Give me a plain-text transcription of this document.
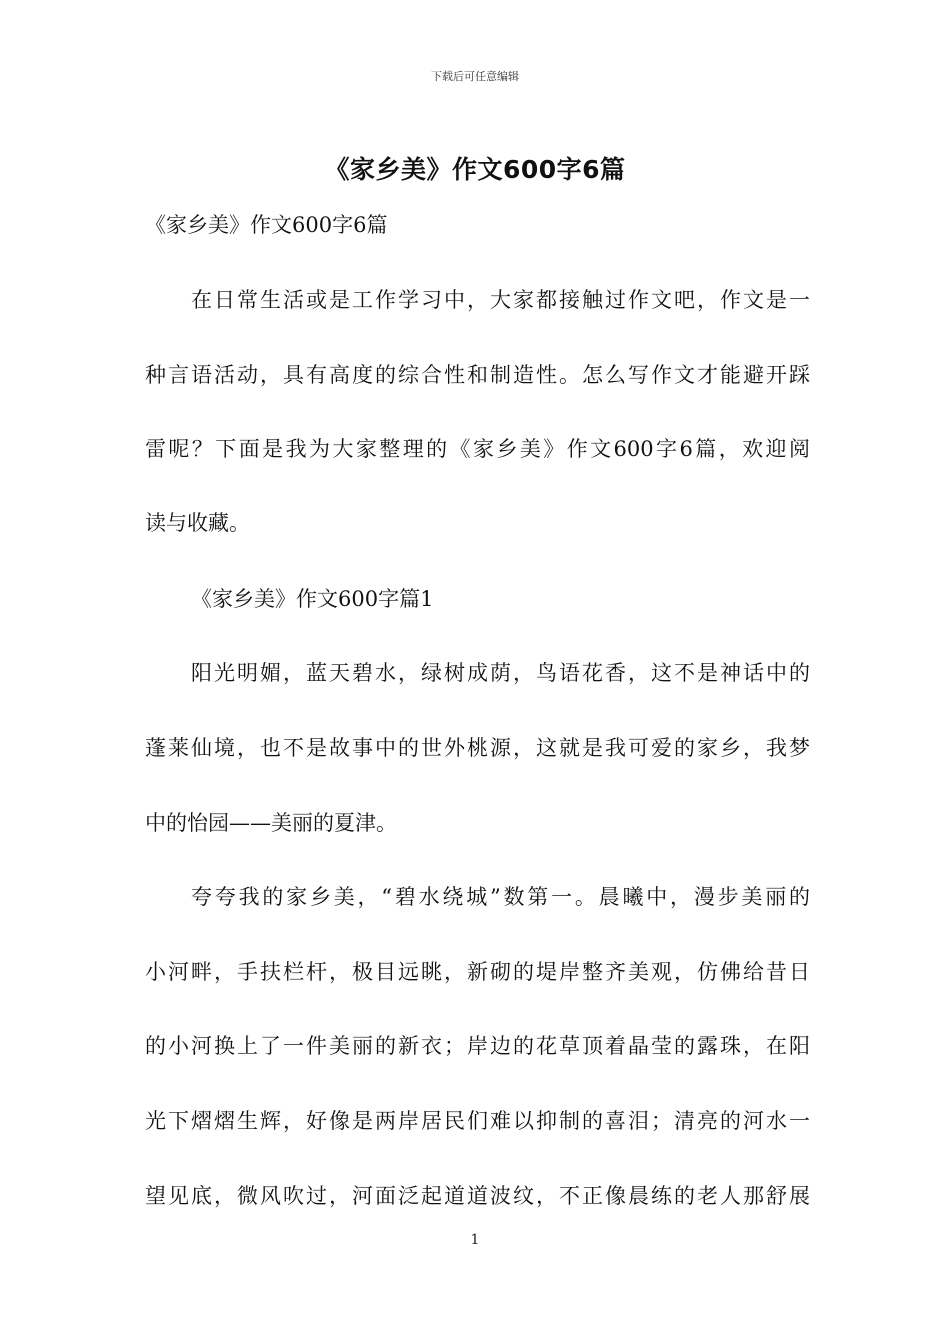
下载后可任意编辑
《家乡美》作文600字6篇
《家乡美》作文600字6篇
在日常生活或是工作学习中，大家都接触过作文吧，作文是一
种言语活动，具有高度的综合性和制造性。怎么写作文才能避开踩
雷呢？下面是我为大家整理的《家乡美》作文600字6篇，欢迎阅
读与收藏。
《家乡美》作文600字篇1
阳光明媚，蓝天碧水，绿树成荫，鸟语花香，这不是神话中的
蓬莱仙境，也不是故事中的世外桃源，这就是我可爱的家乡，我梦
中的怡园——美丽的夏津。
夸夸我的家乡美，“碧水绕城”数第一。晨曦中，漫步美丽的
小河畔，手扶栏杆，极目远眺，新砌的堤岸整齐美观，仿佛给昔日
的小河换上了一件美丽的新衣；岸边的花草顶着晶莹的露珠，在阳
光下熠熠生辉，好像是两岸居民们难以抑制的喜泪；清亮的河水一
望见底，微风吹过，河面泛起道道波纹，不正像晨练的老人那舒展
1
